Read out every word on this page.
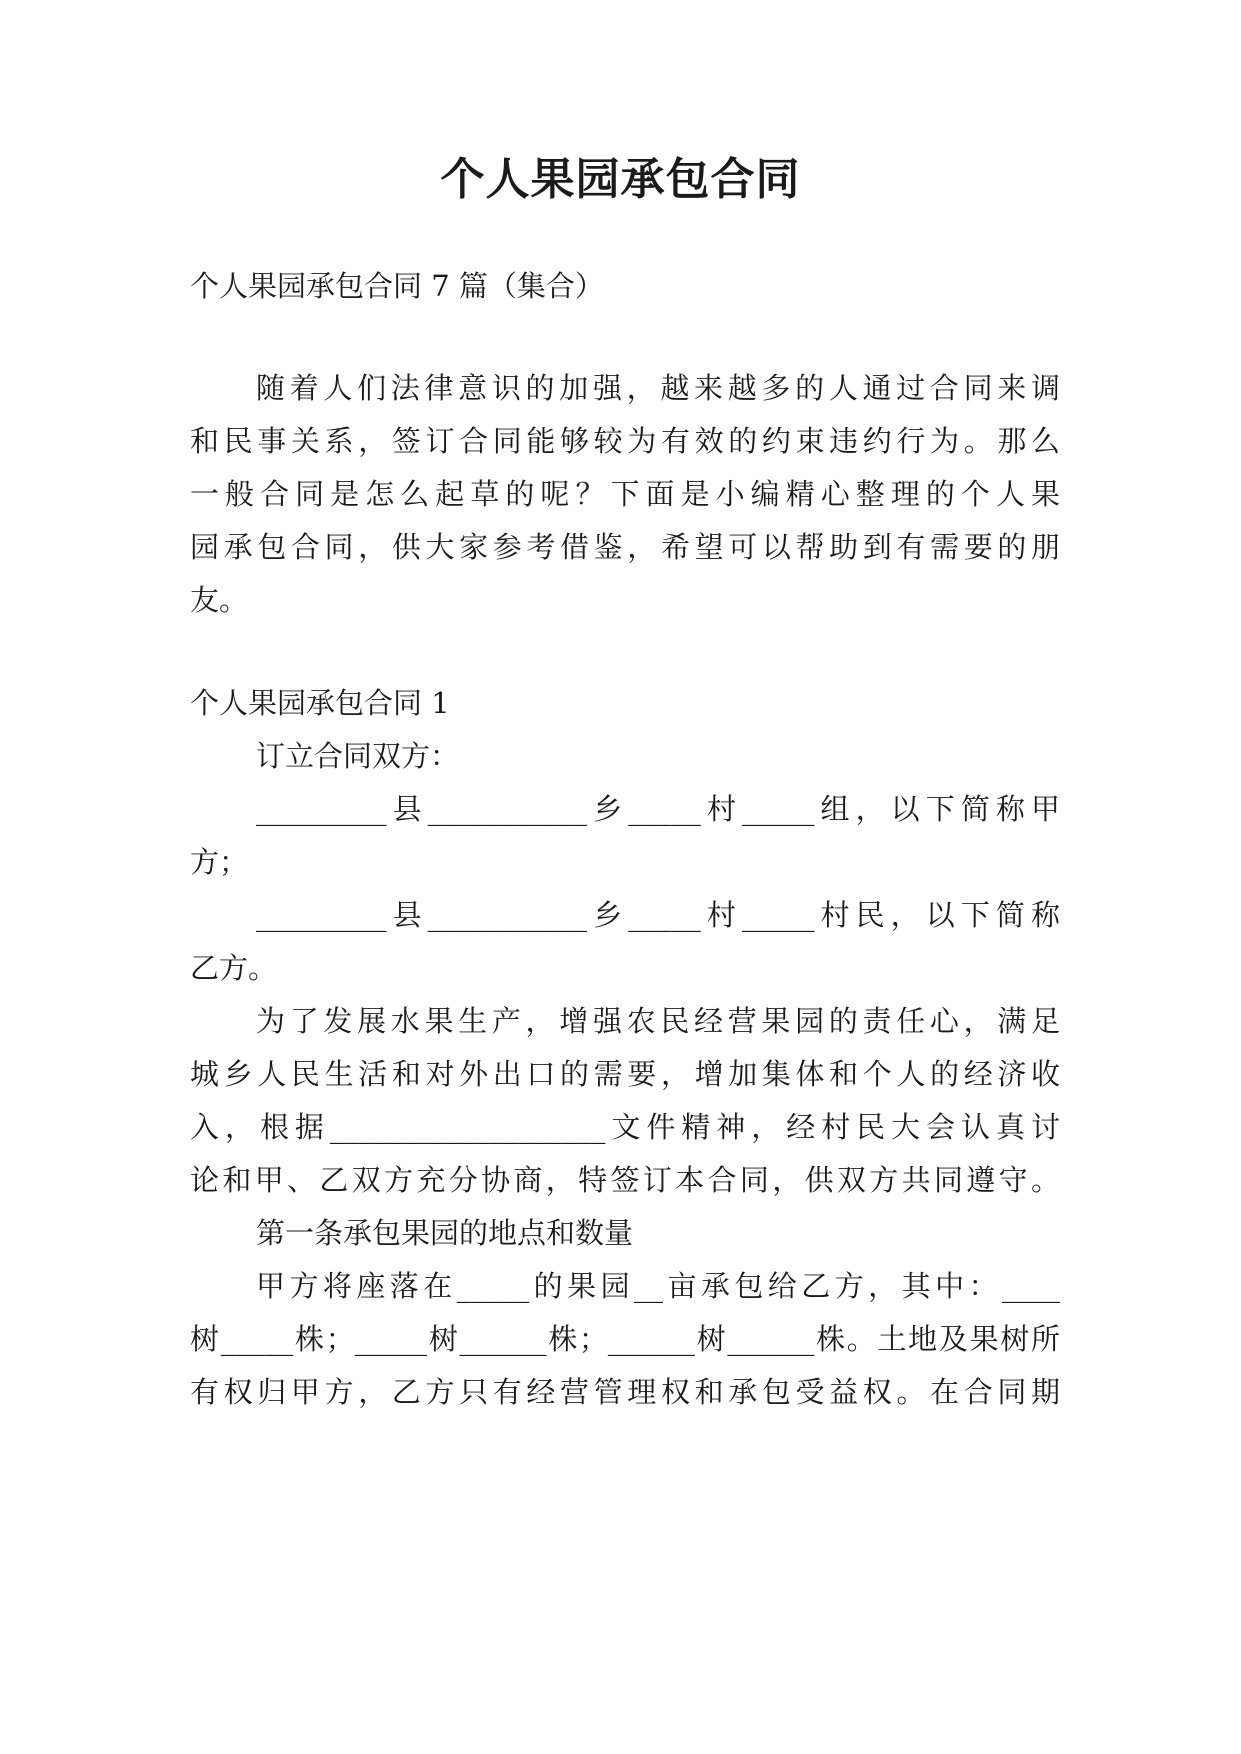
个人果园承包合同
个人果园承包合同 7 篇（集合）
随着人们法律意识的加强，越来越多的人通过合同来调
和民事关系，签订合同能够较为有效的约束违约行为。那么
一般合同是怎么起草的呢？下面是小编精心整理的个人果
园承包合同，供大家参考借鉴，希望可以帮助到有需要的朋
友。
个人果园承包合同 1
订立合同双方：
_________县___________乡_____村_____组，以下简称甲
方；
_________县___________乡_____村_____村民，以下简称
乙方。
为了发展水果生产，增强农民经营果园的责任心，满足
城乡人民生活和对外出口的需要，增加集体和个人的经济收
入，根据___________________文件精神，经村民大会认真讨
论和甲、乙双方充分协商，特签订本合同，供双方共同遵守。
第一条承包果园的地点和数量
甲方将座落在_____的果园__亩承包给乙方，其中：____
树_____株；_____树______株；______树______株。土地及果树所
有权归甲方，乙方只有经营管理权和承包受益权。在合同期
